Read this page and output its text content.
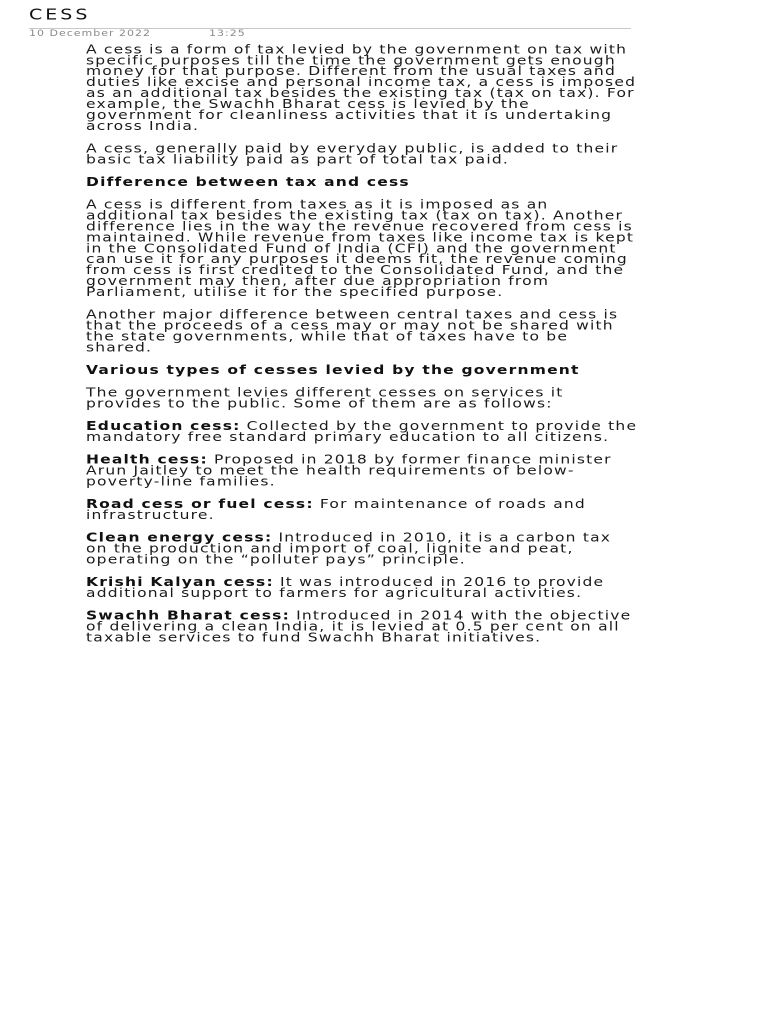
CESS
10 December 2022	13:25

A cess is a form of tax levied by the government on tax with specific purposes till the time the government gets enough money for that purpose. Different from the usual taxes and duties like excise and personal income tax, a cess is imposed as an additional tax besides the existing tax (tax on tax). For example, the Swachh Bharat cess is levied by the government for cleanliness activities that it is undertaking across India.

A cess, generally paid by everyday public, is added to their basic tax liability paid as part of total tax paid.

Difference between tax and cess

A cess is different from taxes as it is imposed as an additional tax besides the existing tax (tax on tax). Another difference lies in the way the revenue recovered from cess is maintained. While revenue from taxes like income tax is kept in the Consolidated Fund of India (CFI) and the government can use it for any purposes it deems fit, the revenue coming from cess is first credited to the Consolidated Fund, and the government may then, after due appropriation from Parliament, utilise it for the specified purpose.

Another major difference between central taxes and cess is that the proceeds of a cess may or may not be shared with the state governments, while that of taxes have to be shared.

Various types of cesses levied by the government

The government levies different cesses on services it provides to the public. Some of them are as follows:

Education cess: Collected by the government to provide the mandatory free standard primary education to all citizens.

Health cess: Proposed in 2018 by former finance minister Arun Jaitley to meet the health requirements of below-poverty-line families.

Road cess or fuel cess: For maintenance of roads and infrastructure.

Clean energy cess: Introduced in 2010, it is a carbon tax on the production and import of coal, lignite and peat, operating on the “polluter pays” principle.

Krishi Kalyan cess: It was introduced in 2016 to provide additional support to farmers for agricultural activities.

Swachh Bharat cess: Introduced in 2014 with the objective of delivering a clean India, it is levied at 0.5 per cent on all taxable services to fund Swachh Bharat initiatives.
